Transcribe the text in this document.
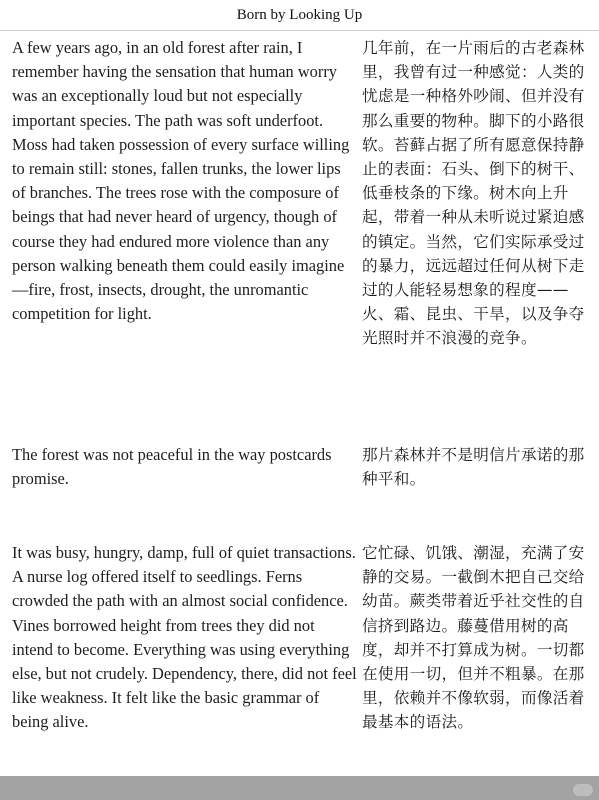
Born by Looking Up
A few years ago, in an old forest after rain, I remember having the sensation that human worry was an exceptionally loud but not especially important species. The path was soft underfoot. Moss had taken possession of every surface willing to remain still: stones, fallen trunks, the lower lips of branches. The trees rose with the composure of beings that had never heard of urgency, though of course they had endured more violence than any person walking beneath them could easily imagine—fire, frost, insects, drought, the unromantic competition for light.
几年前，在一片雨后的古老森林里，我曾有过一种感觉：人类的忧虑是一种格外吵闹、但并没有那么重要的物种。脚下的小路很软。苔藓占据了所有愿意保持静止的表面：石头、倒下的树干、低垂枝条的下缘。树木向上升起，带着一种从未听说过紧迫感的镇定。当然，它们实际承受过的暴力，远远超过任何从树下走过的人能轻易想象的程度——火、霜、昆虫、干旱，以及争夺光照时并不浪漫的竞争。
The forest was not peaceful in the way postcards promise.
那片森林并不是明信片承诺的那种平和。
It was busy, hungry, damp, full of quiet transactions. A nurse log offered itself to seedlings. Ferns crowded the path with an almost social confidence. Vines borrowed height from trees they did not intend to become. Everything was using everything else, but not crudely. Dependency, there, did not feel like weakness. It felt like the basic grammar of being alive.
它忙碌、饥饿、潮湿，充满了安静的交易。一截倒木把自己交给幼苗。蕨类带着近乎社交性的自信挤到路边。藤蔓借用树的高度，却并不打算成为树。一切都在使用一切，但并不粗暴。在那里，依赖并不像软弱，而像活着最基本的语法。
